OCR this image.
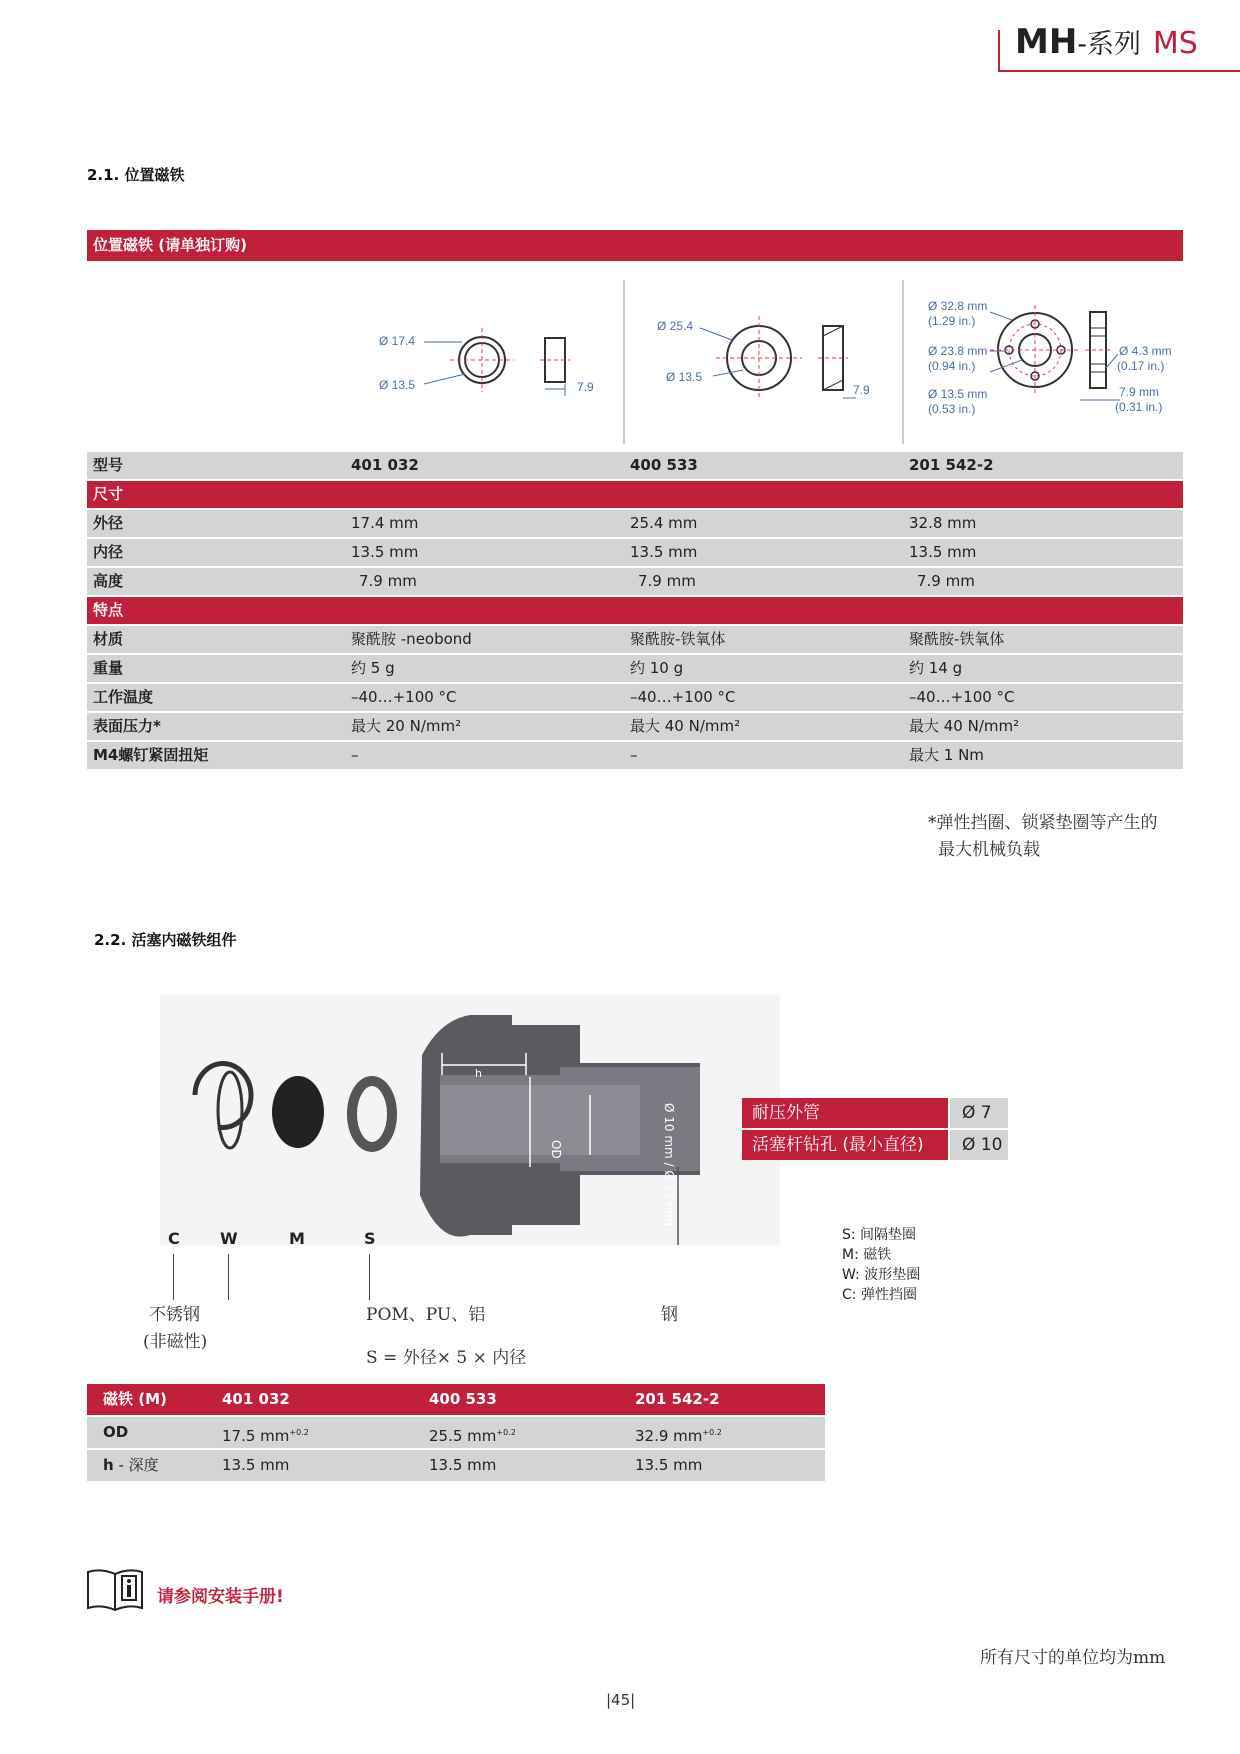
MH-系列 MS
2.1. 位置磁铁
位置磁铁 (请单独订购)
Ø 17.4
Ø 13.5	7.9
Ø 25.4
Ø 13.5
7.9
Ø 32.8 mm
(1.29 in.)
Ø 23.8 mm
(0.94 in.)
Ø 13.5 mm
(0.53 in.)
Ø 4.3 mm
(0.17 in.)
7.9 mm
(0.31 in.)
型号	401 032	400 533	201 542-2
尺寸
外径	17.4 mm	25.4 mm	32.8 mm
内径	13.5 mm	13.5 mm	13.5 mm
高度	7.9 mm	7.9 mm	7.9 mm
特点
材质	聚酰胺 -neobond	聚酰胺-铁氧体	聚酰胺-铁氧体
重量	约 5 g	约 10 g	约 14 g
工作温度	–40…+100 °C	–40…+100 °C	–40…+100 °C
表面压力*	最大 20 N/mm²	最大 40 N/mm²	最大 40 N/mm²
M4螺钉紧固扭矩	–	–	最大 1 Nm
*弹性挡圈、锁紧垫圈等产生的
最大机械负载
2.2. 活塞内磁铁组件
h
OD	Ø 10 mm / Ø 13 mm
C	W	M	S
不锈钢
(非磁性)
POM、PU、铝	钢
S = 外径× 5 × 内径
S: 间隔垫圈
M: 磁铁
W: 波形垫圈
C: 弹性挡圈
耐压外管	Ø 7
活塞杆钻孔 (最小直径)	Ø 10
磁铁 (M)	401 032	400 533	201 542-2
OD	17.5 $mm^{+0.2}$	25.5 $mm^{+0.2}$	32.9 $mm^{+0.2}$
h - 深度	13.5 mm	13.5 mm	13.5 mm
请参阅安装手册!
所有尺寸的单位均为mm
|45|
